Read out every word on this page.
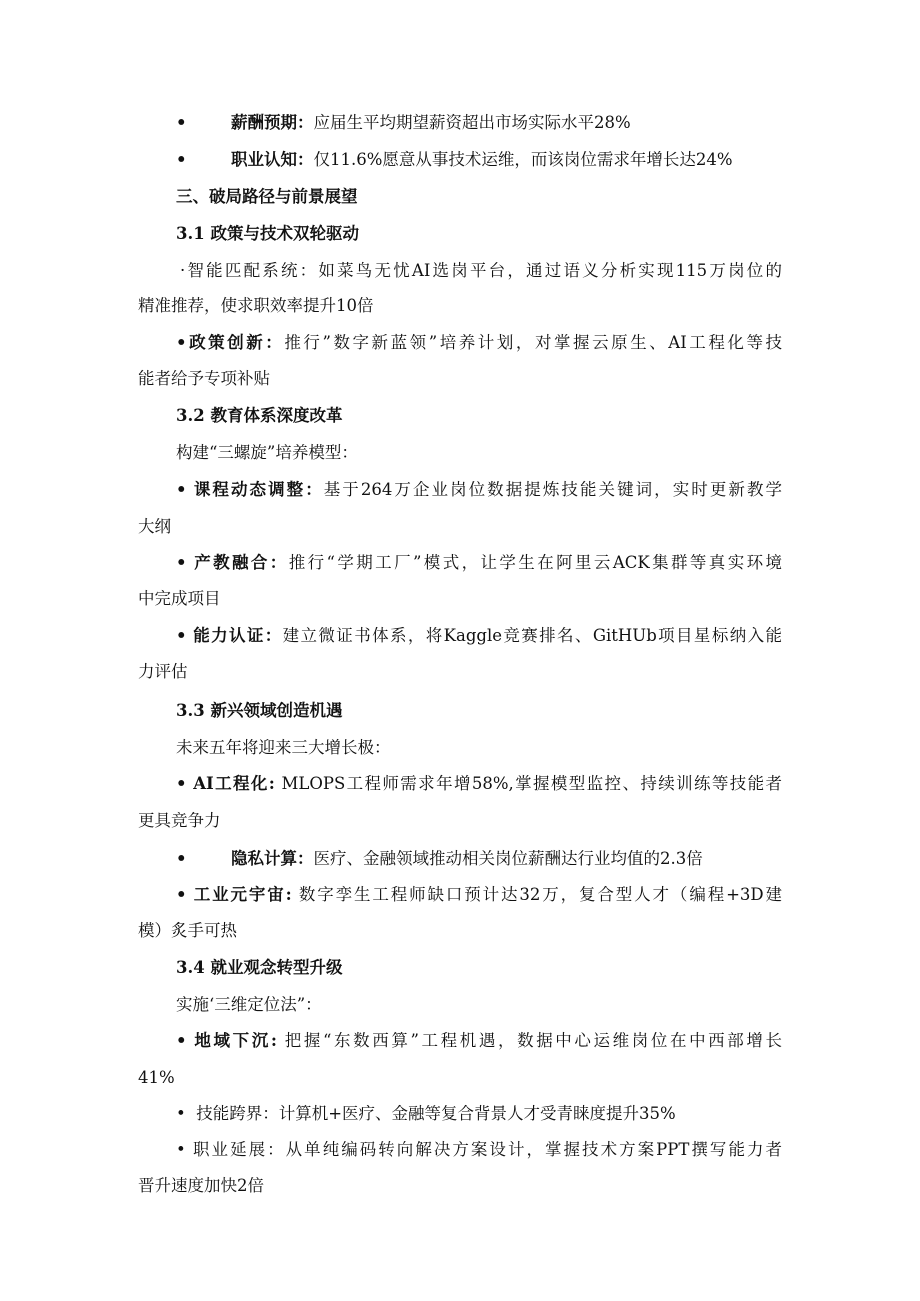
•	薪酬预期：应届生平均期望薪资超出市场实际水平28%
•	职业认知：仅11.6%愿意从事技术运维，而该岗位需求年增长达24%
三、破局路径与前景展望
3.1 政策与技术双轮驱动
·智能匹配系统：如菜鸟无忧AI选岗平台，通过语义分析实现115万岗位的
精准推荐，使求职效率提升10倍
•政策创新：推行”数字新蓝领”培养计划，对掌握云原生、AI工程化等技
能者给予专项补贴
3.2 教育体系深度改革
构建“三螺旋”培养模型：
• 课程动态调整：基于264万企业岗位数据提炼技能关键词，实时更新教学
大纲
• 产教融合：推行“学期工厂”模式，让学生在阿里云ACK集群等真实环境
中完成项目
• 能力认证：建立微证书体系，将Kaggle竞赛排名、GitHUb项目星标纳入能
力评估
3.3 新兴领域创造机遇
未来五年将迎来三大增长极：
• AI工程化: MLOPS工程师需求年增58%,掌握模型监控、持续训练等技能者
更具竞争力
•	隐私计算：医疗、金融领域推动相关岗位薪酬达行业均值的2.3倍
• 工业元宇宙: 数字孪生工程师缺口预计达32万，复合型人才（编程+3D建
模）炙手可热
3.4 就业观念转型升级
实施‘三维定位法”：
• 地域下沉: 把握“东数西算”工程机遇，数据中心运维岗位在中西部增长
41%
• 技能跨界：计算机+医疗、金融等复合背景人才受青睐度提升35%
• 职业延展：从单纯编码转向解决方案设计，掌握技术方案PPT撰写能力者
晋升速度加快2倍
